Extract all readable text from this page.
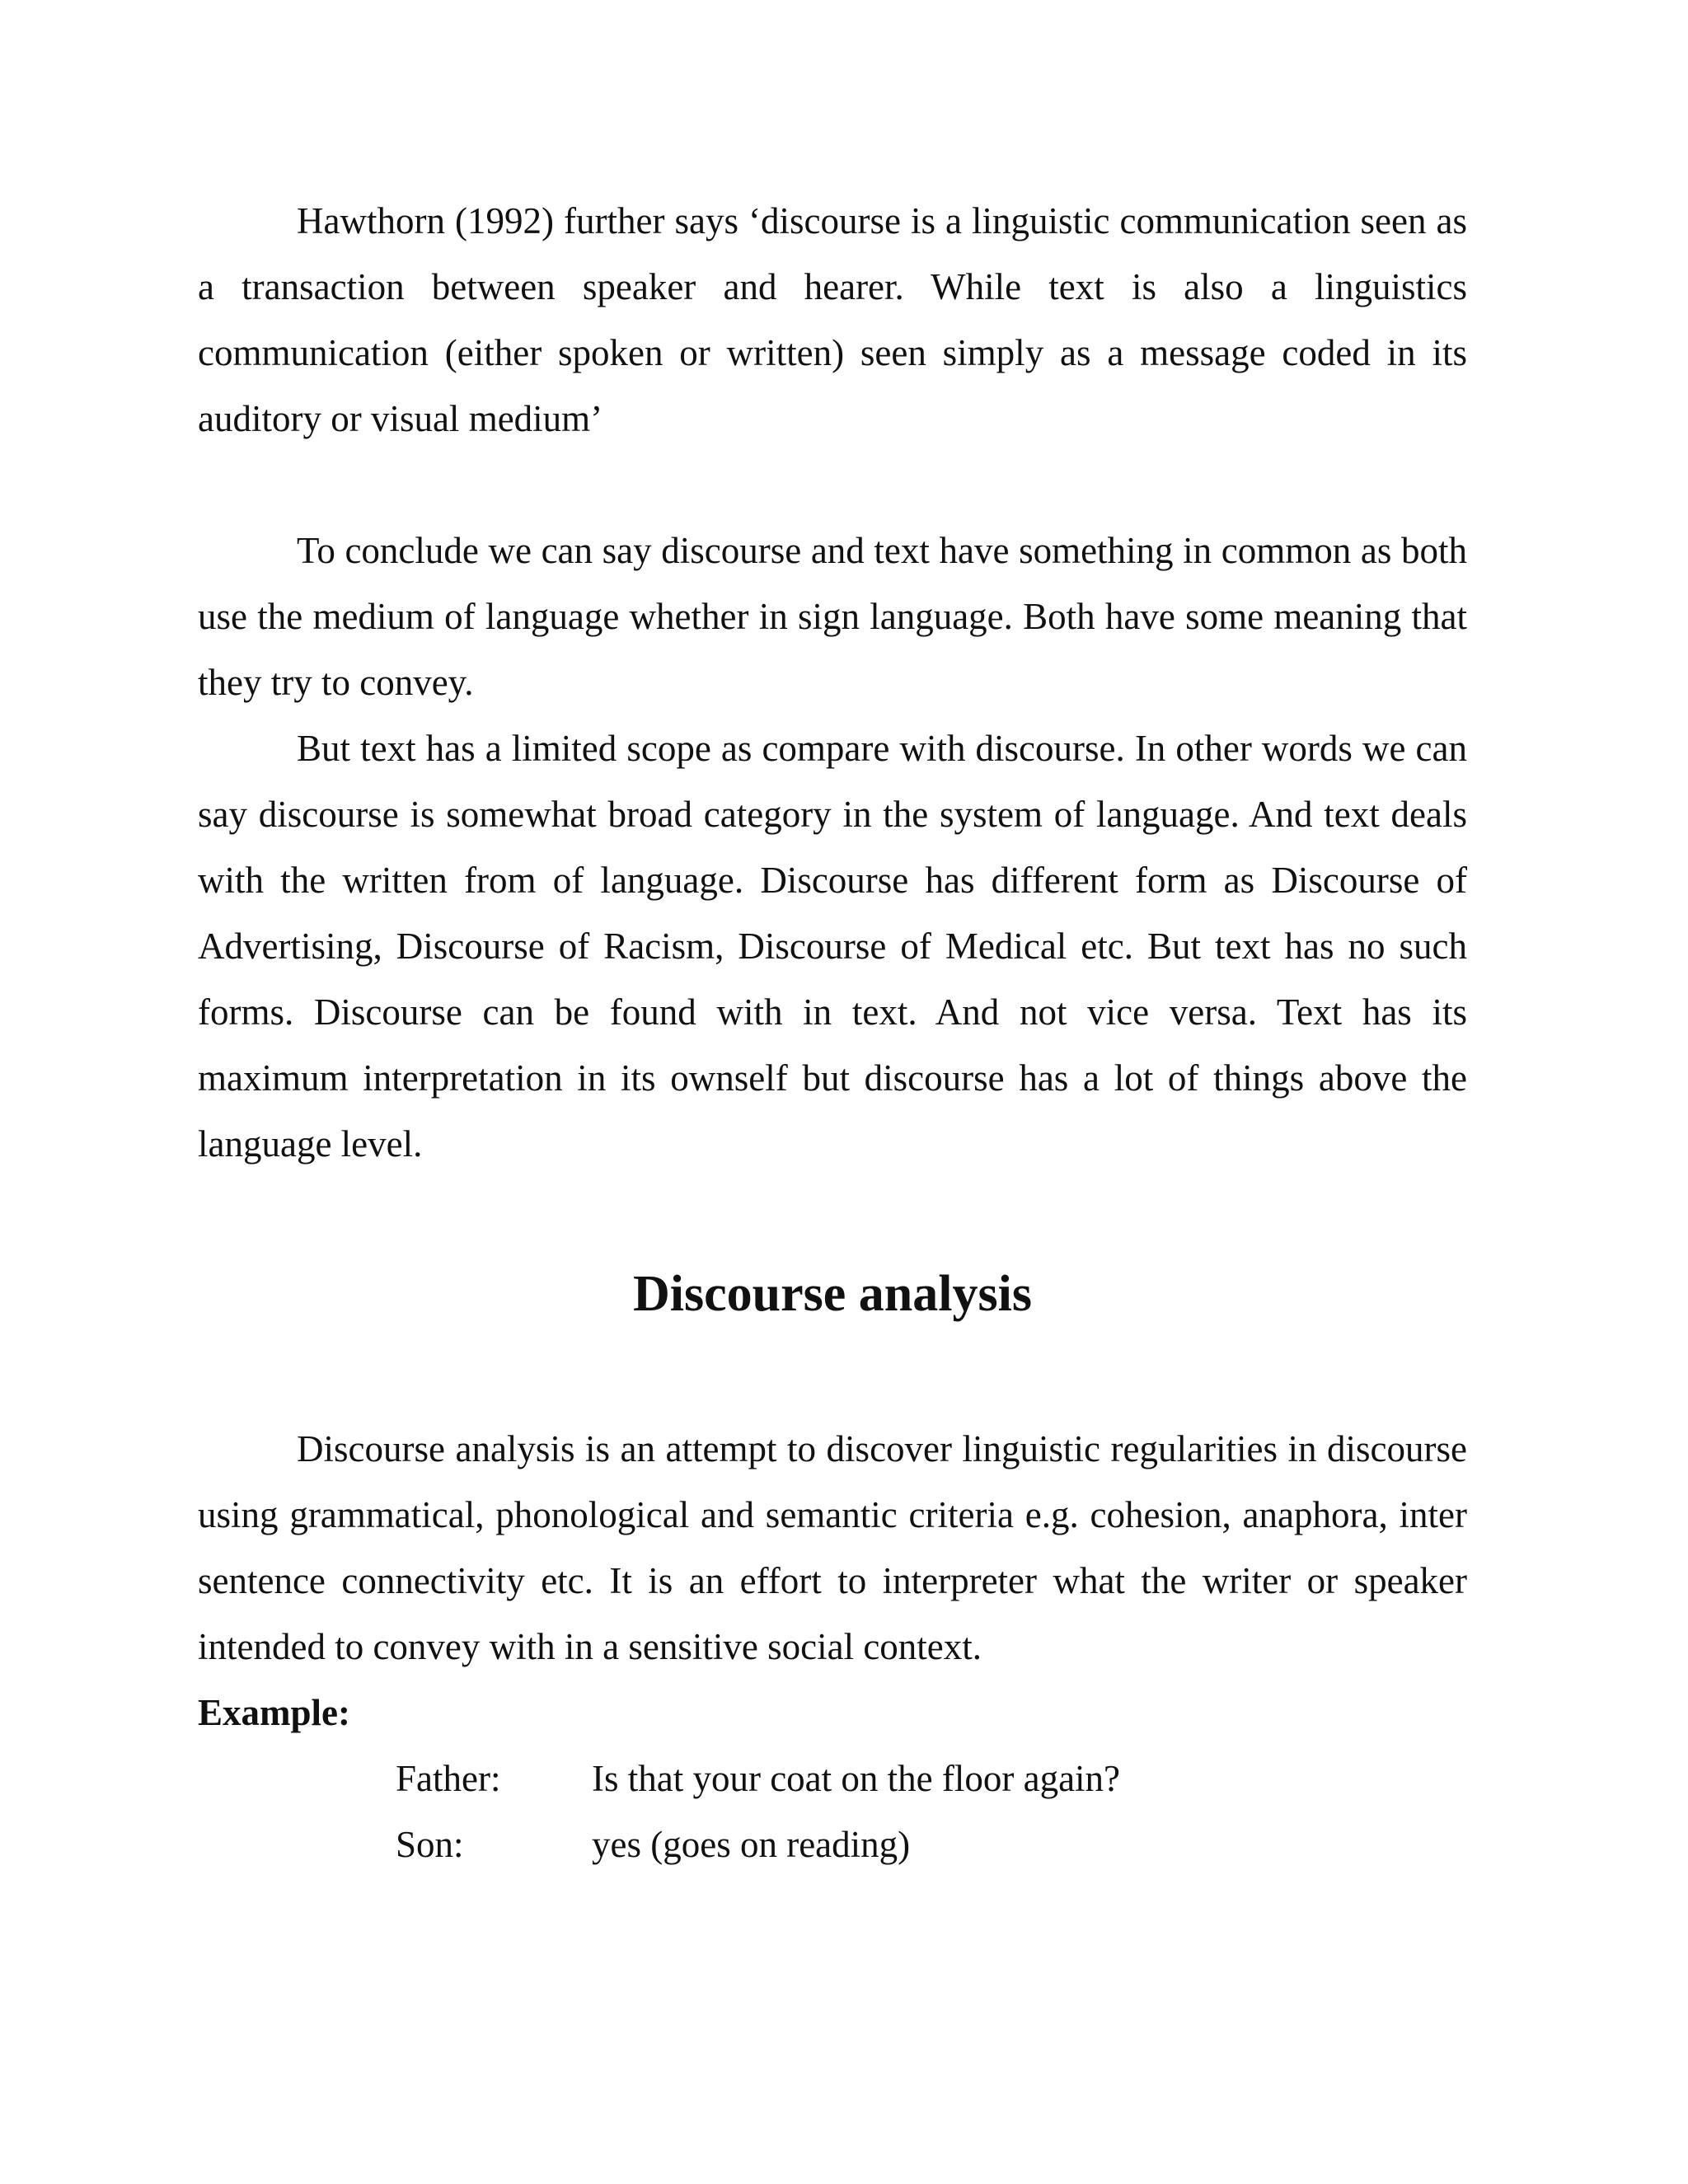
Hawthorn (1992) further says ‘discourse is a linguistic communication seen as a transaction between speaker and hearer. While text is also a linguistics communication (either spoken or written) seen simply as a message coded in its auditory or visual medium’

To conclude we can say discourse and text have something in common as both use the medium of language whether in sign language. Both have some meaning that they try to convey.

But text has a limited scope as compare with discourse. In other words we can say discourse is somewhat broad category in the system of language. And text deals with the written from of language. Discourse has different form as Discourse of Advertising, Discourse of Racism, Discourse of Medical etc. But text has no such forms. Discourse can be found with in text. And not vice versa. Text has its maximum interpretation in its ownself but discourse has a lot of things above the language level.

Discourse analysis

Discourse analysis is an attempt to discover linguistic regularities in discourse using grammatical, phonological and semantic criteria e.g. cohesion, anaphora, inter sentence connectivity etc. It is an effort to interpreter what the writer or speaker intended to convey with in a sensitive social context.

Example:

Father: Is that your coat on the floor again?

Son:	yes (goes on reading)
